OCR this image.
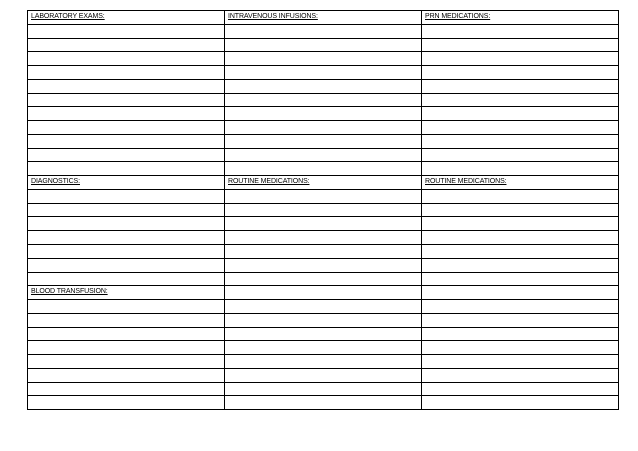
LABORATORY EXAMS:
DIAGNOSTICS:
BLOOD TRANSFUSION:
INTRAVENOUS INFUSIONS:
ROUTINE MEDICATIONS:
PRN MEDICATIONS:
ROUTINE MEDICATIONS:
